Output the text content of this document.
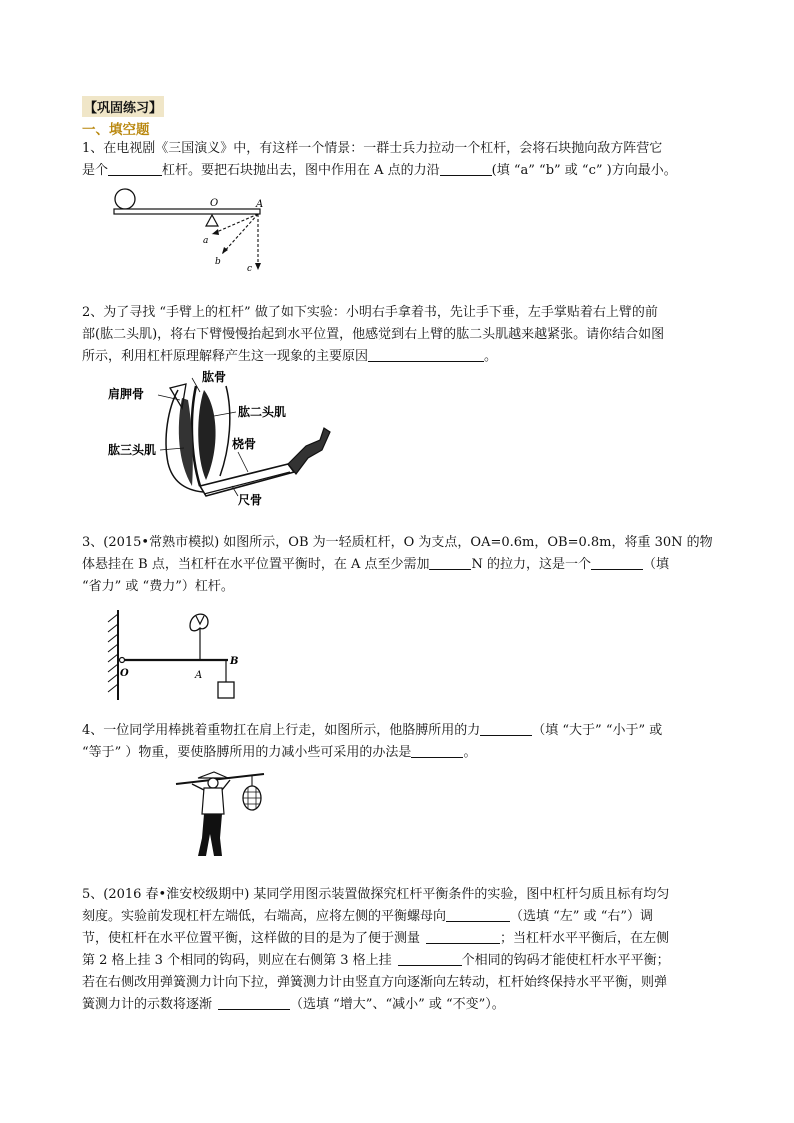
【巩固练习】
一、填空题
1、在电视剧《三国演义》中，有这样一个情景：一群士兵力拉动一个杠杆，会将石块抛向敌方阵营它
是个	杠杆。要把石块抛出去，图中作用在 A 点的力沿	(填 “a” “b” 或 “c” )方向最小。
O	A
a
b
c
2、为了寻找 “手臂上的杠杆” 做了如下实验：小明右手拿着书，先让手下垂，左手掌贴着右上臂的前
部(肱二头肌)，将右下臂慢慢抬起到水平位置，他感觉到右上臂的肱二头肌越来越紧张。请你结合如图
所示，利用杠杆原理解释产生这一现象的主要原因	。
肱骨
肩胛骨
肱二头肌
肱三头肌	桡骨
尺骨
3、(2015•常熟市模拟) 如图所示，OB 为一轻质杠杆，O 为支点，OA=0.6m，OB=0.8m，将重 30N 的物
体悬挂在 B 点，当杠杆在水平位置平衡时，在 A 点至少需加	N 的拉力，这是一个	（填
“省力” 或 “费力”）杠杆。
O	A
B
4、一位同学用棒挑着重物扛在肩上行走，如图所示，他胳膊所用的力	（填 “大于” “小于” 或
“等于” ）物重，要使胳膊所用的力减小些可采用的办法是	。
5、(2016 春•淮安校级期中) 某同学用图示装置做探究杠杆平衡条件的实验，图中杠杆匀质且标有均匀
刻度。实验前发现杠杆左端低，右端高，应将左侧的平衡螺母向	（选填 “左” 或 “右”）调
节，使杠杆在水平位置平衡，这样做的目的是为了便于测量	；当杠杆水平平衡后，在左侧
第 2 格上挂 3 个相同的钩码，则应在右侧第 3 格上挂	个相同的钩码才能使杠杆水平平衡；
若在右侧改用弹簧测力计向下拉，弹簧测力计由竖直方向逐渐向左转动，杠杆始终保持水平平衡，则弹
簧测力计的示数将逐渐	（选填 “增大”、“减小” 或 “不变”）。
